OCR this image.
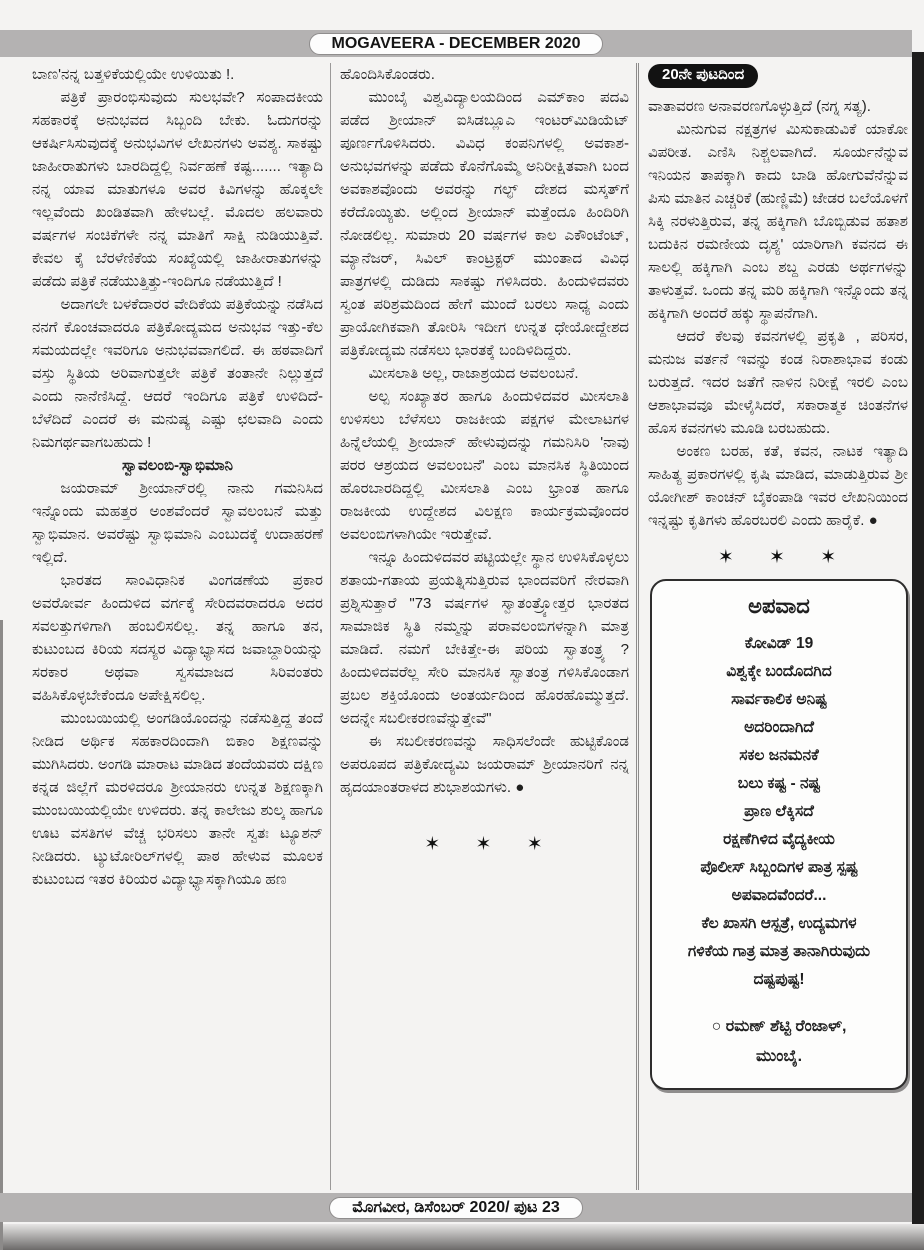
MOGAVEERA - DECEMBER 2020

ಬಾಣ'ನನ್ನ ಬತ್ತಳಿಕೆಯಲ್ಲಿಯೇ ಉಳಿಯಿತು !.

ಪತ್ರಿಕೆ ಪ್ರಾರಂಭಿಸುವುದು ಸುಲಭವೇ? ಸಂಪಾದಕೀಯ ಸಹಕಾರಕ್ಕೆ ಅನುಭವದ ಸಿಬ್ಬಂದಿ ಬೇಕು. ಓದುಗರನ್ನು ಆಕರ್ಷಿಸಿಸುವುದಕ್ಕೆ ಅನುಭವಿಗಳ ಲೇಖನಗಳು ಅವಶ್ಯ. ಸಾಕಷ್ಟು ಜಾಹೀರಾತುಗಳು ಬಾರದಿದ್ದಲ್ಲಿ ನಿರ್ವಹಣೆ ಕಷ್ಟ....... ಇತ್ಯಾದಿ ನನ್ನ ಯಾವ ಮಾತುಗಳೂ ಅವರ ಕಿವಿಗಳನ್ನು ಹೊಕ್ಕಲೇ ಇಲ್ಲವೆಂದು ಖಂಡಿತವಾಗಿ ಹೇಳಬಲ್ಲೆ. ಮೊದಲ ಹಲವಾರು ವರ್ಷಗಳ ಸಂಚಿಕೆಗಳೇ ನನ್ನ ಮಾತಿಗೆ ಸಾಕ್ಷಿ ನುಡಿಯುತ್ತಿವೆ. ಕೇವಲ ಕೈ ಬೆರಳೆಣಿಕೆಯ ಸಂಖ್ಯೆಯಲ್ಲಿ ಜಾಹೀರಾತುಗಳನ್ನು ಪಡೆದು ಪತ್ರಿಕೆ ನಡೆಯುತ್ತಿತ್ತು-ಇಂದಿಗೂ ನಡೆಯುತ್ತಿದೆ !

ಅದಾಗಲೇ ಬಳಕೆದಾರರ ವೇದಿಕೆಯ ಪತ್ರಿಕೆಯನ್ನು ನಡೆಸಿದ ನನಗೆ ಕೊಂಚವಾದರೂ ಪತ್ರಿಕೋದ್ಯಮದ ಅನುಭವ ಇತ್ತು-ಕೆಲ ಸಮಯದಲ್ಲೇ ಇವರಿಗೂ ಅನುಭವವಾಗಲಿದೆ. ಈ ಹಠವಾದಿಗೆ ವಸ್ತು ಸ್ಥಿತಿಯ ಅರಿವಾಗುತ್ತಲೇ ಪತ್ರಿಕೆ ತಂತಾನೇ ನಿಲ್ಲುತ್ತದೆ ಎಂದು ನಾನೆಣಿಸಿದ್ದೆ. ಆದರೆ ಇಂದಿಗೂ ಪತ್ರಿಕೆ ಉಳಿದಿದೆ-ಬೆಳೆದಿದೆ ಎಂದರೆ ಈ ಮನುಷ್ಯ ಎಷ್ಟು ಛಲವಾದಿ ಎಂದು ನಿಮಗರ್ಥವಾಗಬಹುದು !

ಸ್ವಾವಲಂಬಿ-ಸ್ವಾಭಿಮಾನಿ

ಜಯರಾಮ್ ಶ್ರೀಯಾನ್‌ರಲ್ಲಿ ನಾನು ಗಮನಿಸಿದ ಇನ್ನೊಂದು ಮಹತ್ತರ ಅಂಶವೆಂದರೆ ಸ್ವಾವಲಂಬನೆ ಮತ್ತು ಸ್ವಾಭಿಮಾನ. ಅವರೆಷ್ಟು ಸ್ವಾಭಿಮಾನಿ ಎಂಬುದಕ್ಕೆ ಉದಾಹರಣೆ ಇಲ್ಲಿದೆ.

ಭಾರತದ ಸಾಂವಿಧಾನಿಕ ವಿಂಗಡಣೆಯ ಪ್ರಕಾರ ಅವರೋರ್ವ ಹಿಂದುಳಿದ ವರ್ಗಕ್ಕೆ ಸೇರಿದವರಾದರೂ ಅದರ ಸವಲತ್ತುಗಳಿಗಾಗಿ ಹಂಬಲಿಸಲಿಲ್ಲ. ತನ್ನ ಹಾಗೂ ತನ, ಕುಟುಂಬದ ಕಿರಿಯ ಸದಸ್ಯರ ವಿದ್ಯಾಭ್ಯಾಸದ ಜವಾಬ್ದಾರಿಯನ್ನು ಸರಕಾರ ಅಥವಾ ಸ್ವಸಮಾಜದ ಸಿರಿವಂತರು ವಹಿಸಿಕೊಳ್ಳಬೇಕೆಂದೂ ಅಪೇಕ್ಷಿಸಲಿಲ್ಲ.

ಮುಂಬಯಿಯಲ್ಲಿ ಅಂಗಡಿಯೊಂದನ್ನು ನಡೆಸುತ್ತಿದ್ದ ತಂದೆ ನೀಡಿದ ಅರ್ಥಿಕ ಸಹಕಾರದಿಂದಾಗಿ ಬಿಕಾಂ ಶಿಕ್ಷಣವನ್ನು ಮುಗಿಸಿದರು. ಅಂಗಡಿ ಮಾರಾಟ ಮಾಡಿದ ತಂದೆಯವರು ದಕ್ಷಿಣ ಕನ್ನಡ ಜಿಲ್ಲೆಗೆ ಮರಳಿದರೂ ಶ್ರೀಯಾನರು ಉನ್ನತ ಶಿಕ್ಷಣಕ್ಕಾಗಿ ಮುಂಬಯಿಯಲ್ಲಿಯೇ ಉಳಿದರು. ತನ್ನ ಕಾಲೇಜು ಶುಲ್ಕ ಹಾಗೂ ಊಟ ವಸತಿಗಳ ವೆಚ್ಚ ಭರಿಸಲು ತಾನೇ ಸ್ವತಃ ಟ್ಯೂಶನ್ ನೀಡಿದರು. ಟ್ಯುಟೋರಿಲ್‌ಗಳಲ್ಲಿ ಪಾಠ ಹೇಳುವ ಮೂಲಕ ಕುಟುಂಬದ ಇತರ ಕಿರಿಯರ ವಿದ್ಯಾಭ್ಯಾಸಕ್ಕಾಗಿಯೂ ಹಣ

ಹೊಂದಿಸಿಕೊಂಡರು.

ಮುಂಬೈ ವಿಶ್ವವಿದ್ಯಾಲಯದಿಂದ ಎಮ್‌ಕಾಂ ಪದವಿ ಪಡೆದ ಶ್ರೀಯಾನ್ ಐಸಿಡಬ್ಲೂಎ ಇಂಟರ್‌ಮಿಡಿಯೆಟ್ ಪೂರ್ಣಗೊಳಿಸಿದರು. ವಿವಿಧ ಕಂಪನಿಗಳಲ್ಲಿ ಅವಕಾಶ-ಅನುಭವಗಳನ್ನು ಪಡೆದು ಕೊನೆಗೊಮ್ಮೆ ಅನಿರೀಕ್ಷಿತವಾಗಿ ಬಂದ ಅವಕಾಶವೊಂದು ಅವರನ್ನು ಗಲ್ಫ್ ದೇಶದ ಮಸ್ಕತ್‌ಗೆ ಕರೆದೊಯ್ಯಿತು. ಅಲ್ಲಿಂದ ಶ್ರೀಯಾನ್ ಮತ್ತೆಂದೂ ಹಿಂದಿರಿಗಿ ನೋಡಲಿಲ್ಲ. ಸುಮಾರು 20 ವರ್ಷಗಳ ಕಾಲ ಎಕೌಂಟೆಂಟ್, ಮ್ಯಾನೆಜರ್, ಸಿವಿಲ್ ಕಾಂಟ್ರಕ್ಟರ್ ಮುಂತಾದ ವಿವಿಧ ಪಾತ್ರಗಳಲ್ಲಿ ದುಡಿದು ಸಾಕಷ್ಟು ಗಳಿಸಿದರು. ಹಿಂದುಳಿದವರು ಸ್ವಂತ ಪರಿಶ್ರಮದಿಂದ ಹೇಗೆ ಮುಂದೆ ಬರಲು ಸಾಧ್ಯ ಎಂದು ಪ್ರಾಯೋಗಿಕವಾಗಿ ತೋರಿಸಿ ಇದೀಗ ಉನ್ನತ ಧೇಯೋದ್ದೇಶದ ಪತ್ರಿಕೋದ್ಯಮ ನಡೆಸಲು ಭಾರತಕ್ಕೆ ಬಂದಿಳಿದಿದ್ದರು.

ಮೀಸಲಾತಿ ಅಲ್ಲ, ರಾಜಾಶ್ರಯದ ಅವಲಂಬನೆ.

ಅಲ್ಪ ಸಂಖ್ಯಾತರ ಹಾಗೂ ಹಿಂದುಳಿದವರ ಮೀಸಲಾತಿ ಉಳಿಸಲು ಬೆಳೆಸಲು ರಾಜಕೀಯ ಪಕ್ಷಗಳ ಮೇಲಾಟಗಳ ಹಿನ್ನೆಲೆಯಲ್ಲಿ ಶ್ರೀಯಾನ್ ಹೇಳುವುದನ್ನು ಗಮನಿಸಿರಿ 'ನಾವು ಪರರ ಆಶ್ರಯದ ಅವಲಂಬನೆ' ಎಂಬ ಮಾನಸಿಕ ಸ್ಥಿತಿಯಿಂದ ಹೊರಬಾರದಿದ್ದಲ್ಲಿ ಮೀಸಲಾತಿ ಎಂಬ ಭ್ರಾಂತ ಹಾಗೂ ರಾಜಕೀಯ ಉದ್ದೇಶದ ವಿಲಕ್ಷಣ ಕಾರ್ಯಕ್ರಮವೊಂದರ ಅವಲಂಬಿಗಳಾಗಿಯೇ ಇರುತ್ತೇವೆ.

ಇನ್ನೂ ಹಿಂದುಳಿದವರ ಪಟ್ಟಿಯಲ್ಲೇ ಸ್ಥಾನ ಉಳಿಸಿಕೊಳ್ಳಲು ಶತಾಯ-ಗತಾಯ ಪ್ರಯತ್ನಿಸುತ್ತಿರುವ ಭಾಂದವರಿಗೆ ನೇರವಾಗಿ ಪ್ರಶ್ನಿಸುತ್ತಾರೆ "73 ವರ್ಷಗಳ ಸ್ವಾತಂತ್ರ್ಯೋತ್ತರ ಭಾರತದ ಸಾಮಾಜಿಕ ಸ್ಥಿತಿ ನಮ್ಮನ್ನು ಪರಾವಲಂಬಿಗಳನ್ನಾಗಿ ಮಾತ್ರ ಮಾಡಿದೆ. ನಮಗೆ ಬೇಕಿತ್ತೇ-ಈ ಪರಿಯ ಸ್ವಾತಂತ್ರ್ಯ ? ಹಿಂದುಳಿದವರೆಲ್ಲ ಸೇರಿ ಮಾನಸಿಕ ಸ್ವಾತಂತ್ರ ಗಳಿಸಿಕೊಂಡಾಗ ಪ್ರಬಲ ಶಕ್ತಿಯೊಂದು ಅಂತರ್ಯದಿಂದ ಹೊರಹೊಮ್ಮುತ್ತದೆ. ಅದನ್ನೇ ಸಬಲೀಕರಣವೆನ್ನುತ್ತೇವೆ"

ಈ ಸಬಲೀಕರಣವನ್ನು ಸಾಧಿಸಲೆಂದೇ ಹುಟ್ಟಿಕೊಂಡ ಅಪರೂಪದ ಪತ್ರಿಕೋದ್ಯಮಿ ಜಯರಾಮ್ ಶ್ರೀಯಾನರಿಗೆ ನನ್ನ ಹೃದಯಾಂತರಾಳದ ಶುಭಾಶಯಗಳು. ●

✶ ✶ ✶
20ನೇ ಪುಟದಿಂದ

ವಾತಾವರಣ ಅನಾವರಣಗೊಳ್ಳುತ್ತಿದೆ (ನಗ್ನ ಸತ್ಯ).

ಮಿನುಗುವ ನಕ್ಷತ್ರಗಳ ಮಿಸುಕಾಡುವಿಕೆ ಯಾಕೋ ವಿಪರೀತ. ಎಣಿಸಿ ನಿಶ್ಚಲವಾಗಿದೆ. ಸೂರ್ಯನೆನ್ನುವ ಇನಿಯನ ತಾಪಕ್ಕಾಗಿ ಕಾದು ಬಾಡಿ ಹೋಗುವೆನೆನ್ನುವ ಪಿಸು ಮಾತಿನ ಎಚ್ಚರಿಕೆ (ಹುಣ್ಣಿಮೆ) ಜೇಡರ ಬಲೆಯೊಳಗೆ ಸಿಕ್ಕಿ ನರಳುತ್ತಿರುವ, ತನ್ನ ಹಕ್ಕಿಗಾಗಿ ಬೊಬ್ಬಿಡುವ ಹತಾಶ ಬದುಕಿನ ರಮಣೀಯ ದೃಶ್ಯ' ಯಾರಿಗಾಗಿ ಕವನದ ಈ ಸಾಲಲ್ಲಿ ಹಕ್ಕಿಗಾಗಿ ಎಂಬ ಶಬ್ದ ಎರಡು ಅರ್ಥಗಳನ್ನು ತಾಳುತ್ತವೆ. ಒಂದು ತನ್ನ ಮರಿ ಹಕ್ಕಿಗಾಗಿ ಇನ್ನೊಂದು ತನ್ನ ಹಕ್ಕಿಗಾಗಿ ಅಂದರೆ ಹಕ್ಕು ಸ್ಥಾಪನೆಗಾಗಿ.

ಆದರೆ ಕೆಲವು ಕವನಗಳಲ್ಲಿ ಪ್ರಕೃತಿ , ಪರಿಸರ, ಮನುಜ ವರ್ತನೆ ಇವನ್ನು ಕಂಡ ನಿರಾಶಾಭಾವ ಕಂಡು ಬರುತ್ತದೆ. ಇದರ ಜತೆಗೆ ನಾಳಿನ ನಿರೀಕ್ಷೆ ಇರಲಿ ಎಂಬ ಆಶಾಭಾವವೂ ಮೇಳೈಸಿದರೆ, ಸಕಾರಾತ್ಮಕ ಚಿಂತನೆಗಳ ಹೊಸ ಕವನಗಳು ಮೂಡಿ ಬರಬಹುದು.

ಅಂಕಣ ಬರಹ, ಕತೆ, ಕವನ, ನಾಟಕ ಇತ್ಯಾದಿ ಸಾಹಿತ್ಯ ಪ್ರಕಾರಗಳಲ್ಲಿ ಕೃಷಿ ಮಾಡಿದ, ಮಾಡುತ್ತಿರುವ ಶ್ರೀ ಯೋಗೀಶ್ ಕಾಂಚನ್ ಬೈಕಂಪಾಡಿ ಇವರ ಲೇಖನಿಯಿಂದ ಇನ್ನಷ್ಟು ಕೃತಿಗಳು ಹೊರಬರಲಿ ಎಂದು ಹಾರೈಕೆ. ●

✶ ✶ ✶
ಅಪವಾದ
ಕೋವಿಡ್ 19
ವಿಶ್ವಕ್ಕೇ ಬಂದೊದಗಿದ
ಸಾರ್ವಕಾಲಿಕ ಅನಿಷ್ಟ
ಅದರಿಂದಾಗಿದೆ
ಸಕಲ ಜನಮನಕೆ
ಬಲು ಕಷ್ಟ - ನಷ್ಟ
ಪ್ರಾಣ ಲೆಕ್ಕಿಸದೆ
ರಕ್ಷಣೆಗಿಳಿದ ವೈದ್ಯಕೀಯ
ಪೊಲೀಸ್ ಸಿಬ್ಬಂದಿಗಳ ಪಾತ್ರ ಸ್ಪಷ್ಟ
ಅಪವಾದವೆಂದರೆ...
ಕೆಲ ಖಾಸಗಿ ಆಸ್ಪತ್ರೆ, ಉದ್ಯಮಗಳ
ಗಳಿಕೆಯ ಗಾತ್ರ ಮಾತ್ರ ತಾನಾಗಿರುವುದು
ದಷ್ಟಪುಷ್ಟ!
○ ರಮಣ್ ಶೆಟ್ಟಿ ರೆಂಜಾಳ್,
ಮುಂಬೈ.
ಮೊಗವೀರ, ಡಿಸೆಂಬರ್ 2020/ ಪುಟ 23
